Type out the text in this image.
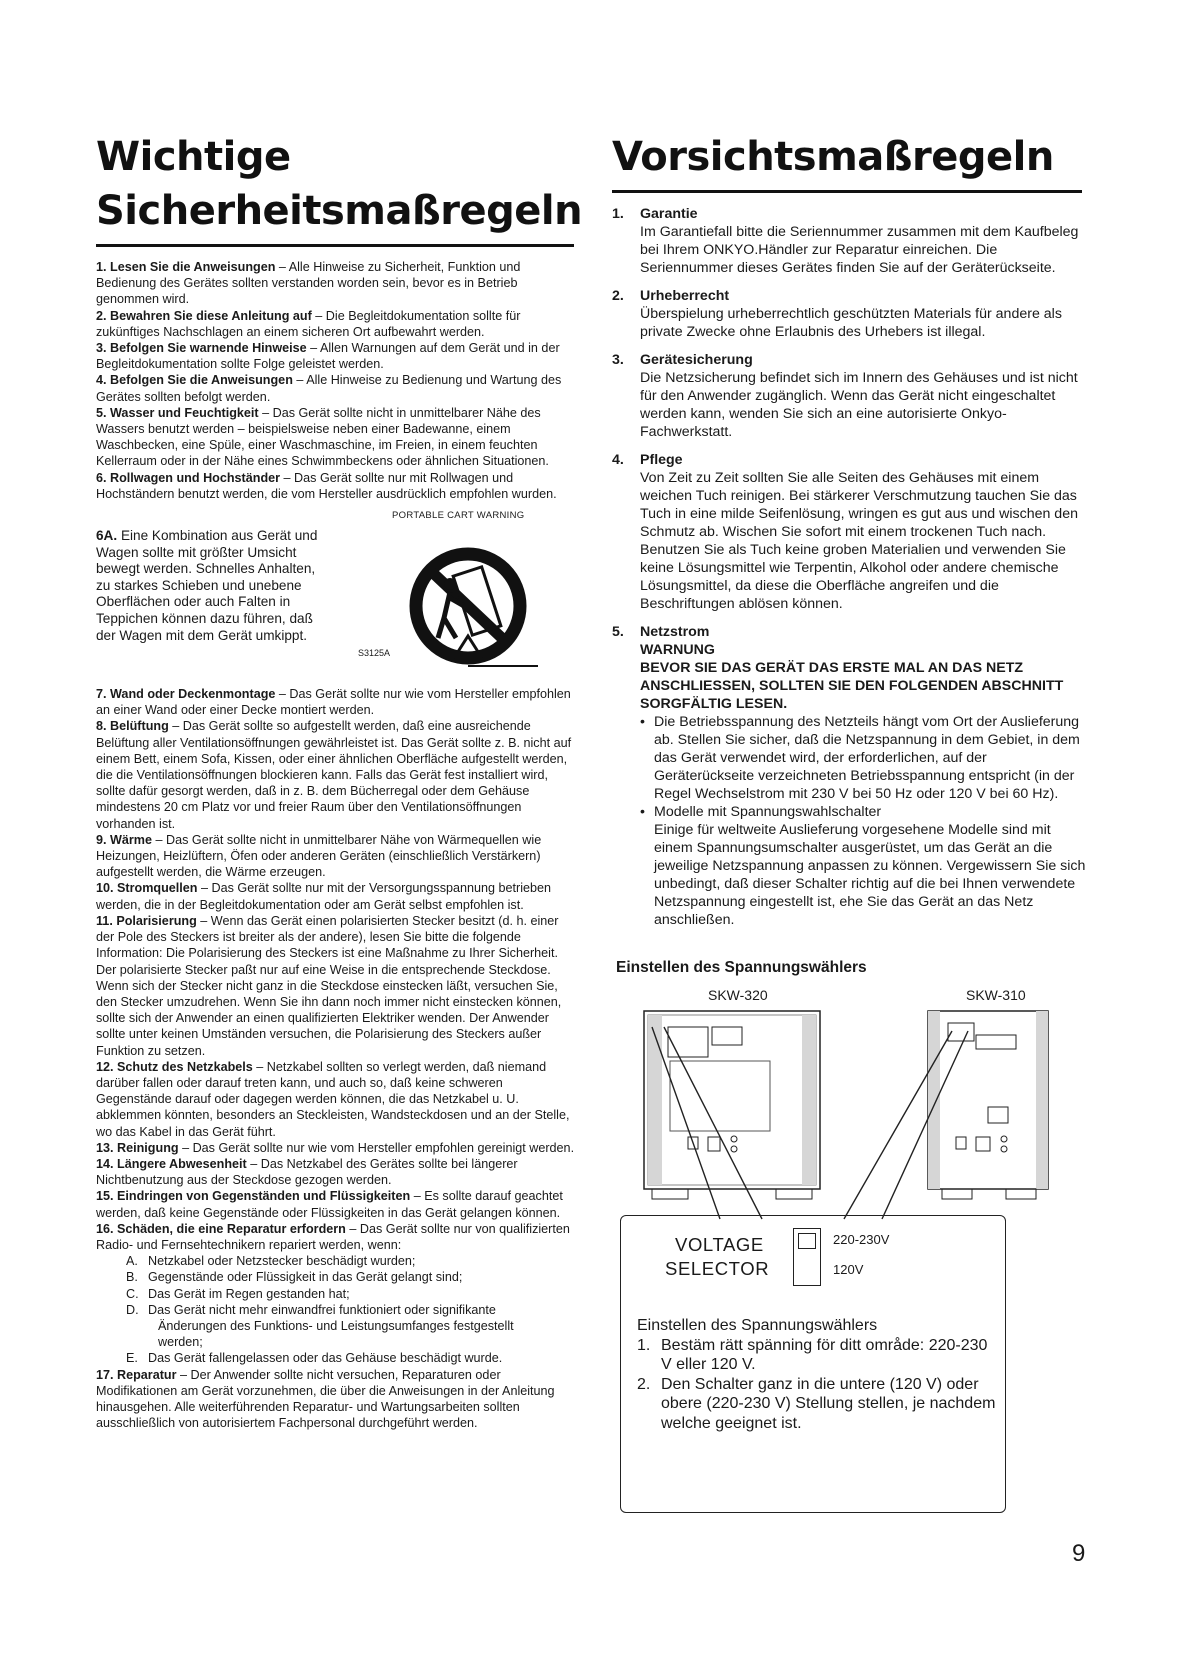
Wichtige
Sicherheitsmaßregeln

1. Lesen Sie die Anweisungen – Alle Hinweise zu Sicherheit, Funktion und Bedienung des Gerätes sollten verstanden worden sein, bevor es in Betrieb genommen wird.

2. Bewahren Sie diese Anleitung auf – Die Begleitdokumentation sollte für zukünftiges Nachschlagen an einem sicheren Ort aufbewahrt werden.

3. Befolgen Sie warnende Hinweise – Allen Warnungen auf dem Gerät und in der Begleitdokumentation sollte Folge geleistet werden.

4. Befolgen Sie die Anweisungen – Alle Hinweise zu Bedienung und Wartung des Gerätes sollten befolgt werden.

5. Wasser und Feuchtigkeit – Das Gerät sollte nicht in unmittelbarer Nähe des Wassers benutzt werden – beispielsweise neben einer Badewanne, einem Waschbecken, eine Spüle, einer Waschmaschine, im Freien, in einem feuchten Kellerraum oder in der Nähe eines Schwimmbeckens oder ähnlichen Situationen.

6. Rollwagen und Hochständer – Das Gerät sollte nur mit Rollwagen und Hochständern benutzt werden, die vom Hersteller ausdrücklich empfohlen wurden.

6A. Eine Kombination aus Gerät und Wagen sollte mit größter Umsicht bewegt werden. Schnelles Anhalten, zu starkes Schieben und unebene Oberflächen oder auch Falten in Teppichen können dazu führen, daß der Wagen mit dem Gerät umkippt.
PORTABLE CART WARNING
S3125A

7. Wand oder Deckenmontage – Das Gerät sollte nur wie vom Hersteller empfohlen an einer Wand oder einer Decke montiert werden.

8. Belüftung – Das Gerät sollte so aufgestellt werden, daß eine ausreichende Belüftung aller Ventilationsöffnungen gewährleistet ist. Das Gerät sollte z. B. nicht auf einem Bett, einem Sofa, Kissen, oder einer ähnlichen Oberfläche aufgestellt werden, die die Ventilationsöffnungen blockieren kann. Falls das Gerät fest installiert wird, sollte dafür gesorgt werden, daß in z. B. dem Bücherregal oder dem Gehäuse mindestens 20 cm Platz vor und freier Raum über den Ventilationsöffnungen vorhanden ist.

9. Wärme – Das Gerät sollte nicht in unmittelbarer Nähe von Wärmequellen wie Heizungen, Heizlüftern, Öfen oder anderen Geräten (einschließlich Verstärkern) aufgestellt werden, die Wärme erzeugen.

10. Stromquellen – Das Gerät sollte nur mit der Versorgungsspannung betrieben werden, die in der Begleitdokumentation oder am Gerät selbst empfohlen ist.

11. Polarisierung – Wenn das Gerät einen polarisierten Stecker besitzt (d. h. einer der Pole des Steckers ist breiter als der andere), lesen Sie bitte die folgende Information: Die Polarisierung des Steckers ist eine Maßnahme zu Ihrer Sicherheit. Der polarisierte Stecker paßt nur auf eine Weise in die entsprechende Steckdose. Wenn sich der Stecker nicht ganz in die Steckdose einstecken läßt, versuchen Sie, den Stecker umzudrehen. Wenn Sie ihn dann noch immer nicht einstecken können, sollte sich der Anwender an einen qualifizierten Elektriker wenden. Der Anwender sollte unter keinen Umständen versuchen, die Polarisierung des Steckers außer Funktion zu setzen.

12. Schutz des Netzkabels – Netzkabel sollten so verlegt werden, daß niemand darüber fallen oder darauf treten kann, und auch so, daß keine schweren Gegenstände darauf oder dagegen werden können, die das Netzkabel u. U. abklemmen könnten, besonders an Steckleisten, Wandsteckdosen und an der Stelle, wo das Kabel in das Gerät führt.

13. Reinigung – Das Gerät sollte nur wie vom Hersteller empfohlen gereinigt werden.

14. Längere Abwesenheit – Das Netzkabel des Gerätes sollte bei längerer Nichtbenutzung aus der Steckdose gezogen werden.

15. Eindringen von Gegenständen und Flüssigkeiten – Es sollte darauf geachtet werden, daß keine Gegenstände oder Flüssigkeiten in das Gerät gelangen können.

16. Schäden, die eine Reparatur erfordern – Das Gerät sollte nur von qualifizierten Radio- und Fernsehtechnikern repariert werden, wenn:

A. Netzkabel oder Netzstecker beschädigt wurden;

B. Gegenstände oder Flüssigkeit in das Gerät gelangt sind;

C. Das Gerät im Regen gestanden hat;

D. Das Gerät nicht mehr einwandfrei funktioniert oder signifikante

Änderungen des Funktions- und Leistungsumfanges festgestellt

werden;

E. Das Gerät fallengelassen oder das Gehäuse beschädigt wurde.

17. Reparatur – Der Anwender sollte nicht versuchen, Reparaturen oder Modifikationen am Gerät vorzunehmen, die über die Anweisungen in der Anleitung hinausgehen. Alle weiterführenden Reparatur- und Wartungsarbeiten sollten ausschließlich von autorisiertem Fachpersonal durchgeführt werden.

Vorsichtsmaßregeln
1.	Garantie
Im Garantiefall bitte die Seriennummer zusammen mit dem Kaufbeleg bei Ihrem ONKYO.Händler zur Reparatur einreichen. Die Seriennummer dieses Gerätes finden Sie auf der Geräterückseite.
2.	Urheberrecht
Überspielung urheberrechtlich geschützten Materials für andere als private Zwecke ohne Erlaubnis des Urhebers ist illegal.
3.	Gerätesicherung
Die Netzsicherung befindet sich im Innern des Gehäuses und ist nicht für den Anwender zugänglich. Wenn das Gerät nicht eingeschaltet werden kann, wenden Sie sich an eine autorisierte Onkyo-Fachwerkstatt.
4.	Pflege
Von Zeit zu Zeit sollten Sie alle Seiten des Gehäuses mit einem weichen Tuch reinigen. Bei stärkerer Verschmutzung tauchen Sie das Tuch in eine milde Seifenlösung, wringen es gut aus und wischen den Schmutz ab. Wischen Sie sofort mit einem trockenen Tuch nach. Benutzen Sie als Tuch keine groben Materialien und verwenden Sie keine Lösungsmittel wie Terpentin, Alkohol oder andere chemische Lösungsmittel, da diese die Oberfläche angreifen und die Beschriftungen ablösen können.
5.	Netzstrom
WARNUNG
BEVOR SIE DAS GERÄT DAS ERSTE MAL AN DAS NETZ ANSCHLIESSEN, SOLLTEN SIE DEN FOLGENDEN ABSCHNITT SORGFÄLTIG LESEN.
• Die Betriebsspannung des Netzteils hängt vom Ort der Auslieferung ab. Stellen Sie sicher, daß die Netzspannung in dem Gebiet, in dem das Gerät verwendet wird, der erforderlichen, auf der Geräterückseite verzeichneten Betriebsspannung entspricht (in der Regel Wechselstrom mit 230 V bei 50 Hz oder 120 V bei 60 Hz).
• Modelle mit Spannungswahlschalter
Einige für weltweite Auslieferung vorgesehene Modelle sind mit einem Spannungsumschalter ausgerüstet, um das Gerät an die jeweilige Netzspannung anpassen zu können. Vergewissern Sie sich unbedingt, daß dieser Schalter richtig auf die bei Ihnen verwendete Netzspannung eingestellt ist, ehe Sie das Gerät an das Netz anschließen.
Einstellen des Spannungswählers
SKW-320	SKW-310
VOLTAGE
SELECTOR
220-230V
120V
Einstellen des Spannungswählers
1. Bestäm rätt spänning för ditt område: 220-230 V eller 120 V.
2. Den Schalter ganz in die untere (120 V) oder obere (220-230 V) Stellung stellen, je nachdem welche geeignet ist.
9
